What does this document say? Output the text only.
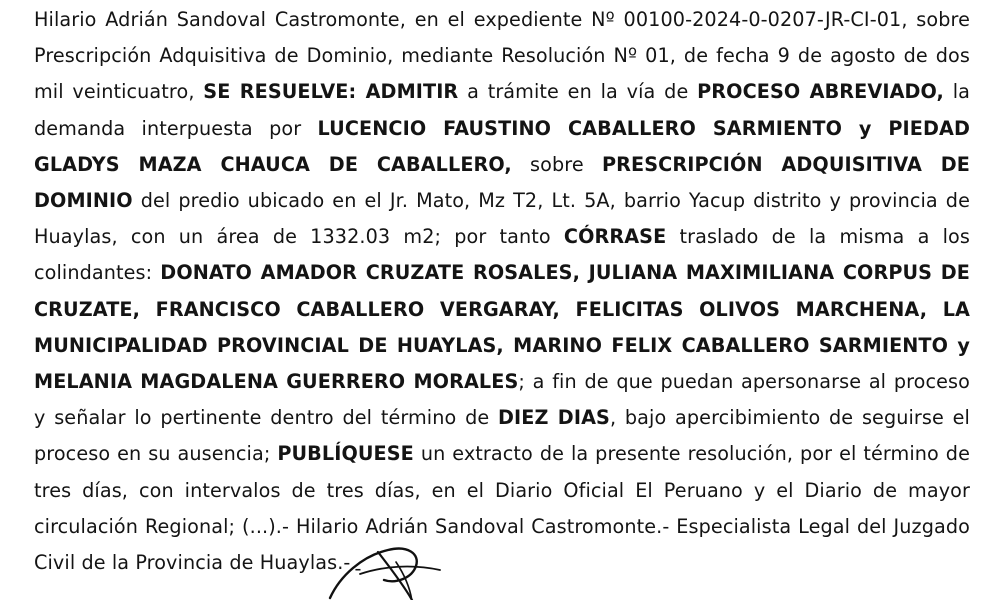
Hilario Adrián Sandoval Castromonte, en el expediente Nº 00100-2024-0-0207-JR-CI-01, sobre Prescripción Adquisitiva de Dominio, mediante Resolución Nº 01, de fecha 9 de agosto de dos mil veinticuatro, SE RESUELVE: ADMITIR a trámite en la vía de PROCESO ABREVIADO, la demanda interpuesta por LUCENCIO FAUSTINO CABALLERO SARMIENTO y PIEDAD GLADYS MAZA CHAUCA DE CABALLERO, sobre PRESCRIPCIÓN ADQUISITIVA DE DOMINIO del predio ubicado en el Jr. Mato, Mz T2, Lt. 5A, barrio Yacup distrito y provincia de Huaylas, con un área de 1332.03 m2; por tanto CÓRRASE traslado de la misma a los colindantes: DONATO AMADOR CRUZATE ROSALES, JULIANA MAXIMILIANA CORPUS DE CRUZATE, FRANCISCO CABALLERO VERGARAY, FELICITAS OLIVOS MARCHENA, LA MUNICIPALIDAD PROVINCIAL DE HUAYLAS, MARINO FELIX CABALLERO SARMIENTO y MELANIA MAGDALENA GUERRERO MORALES; a fin de que puedan apersonarse al proceso y señalar lo pertinente dentro del término de DIEZ DIAS, bajo apercibimiento de seguirse el proceso en su ausencia; PUBLÍQUESE un extracto de la presente resolución, por el término de tres días, con intervalos de tres días, en el Diario Oficial El Peruano y el Diario de mayor circulación Regional; (...).- Hilario Adrián Sandoval Castromonte.- Especialista Legal del Juzgado Civil de la Provincia de Huaylas.- -
